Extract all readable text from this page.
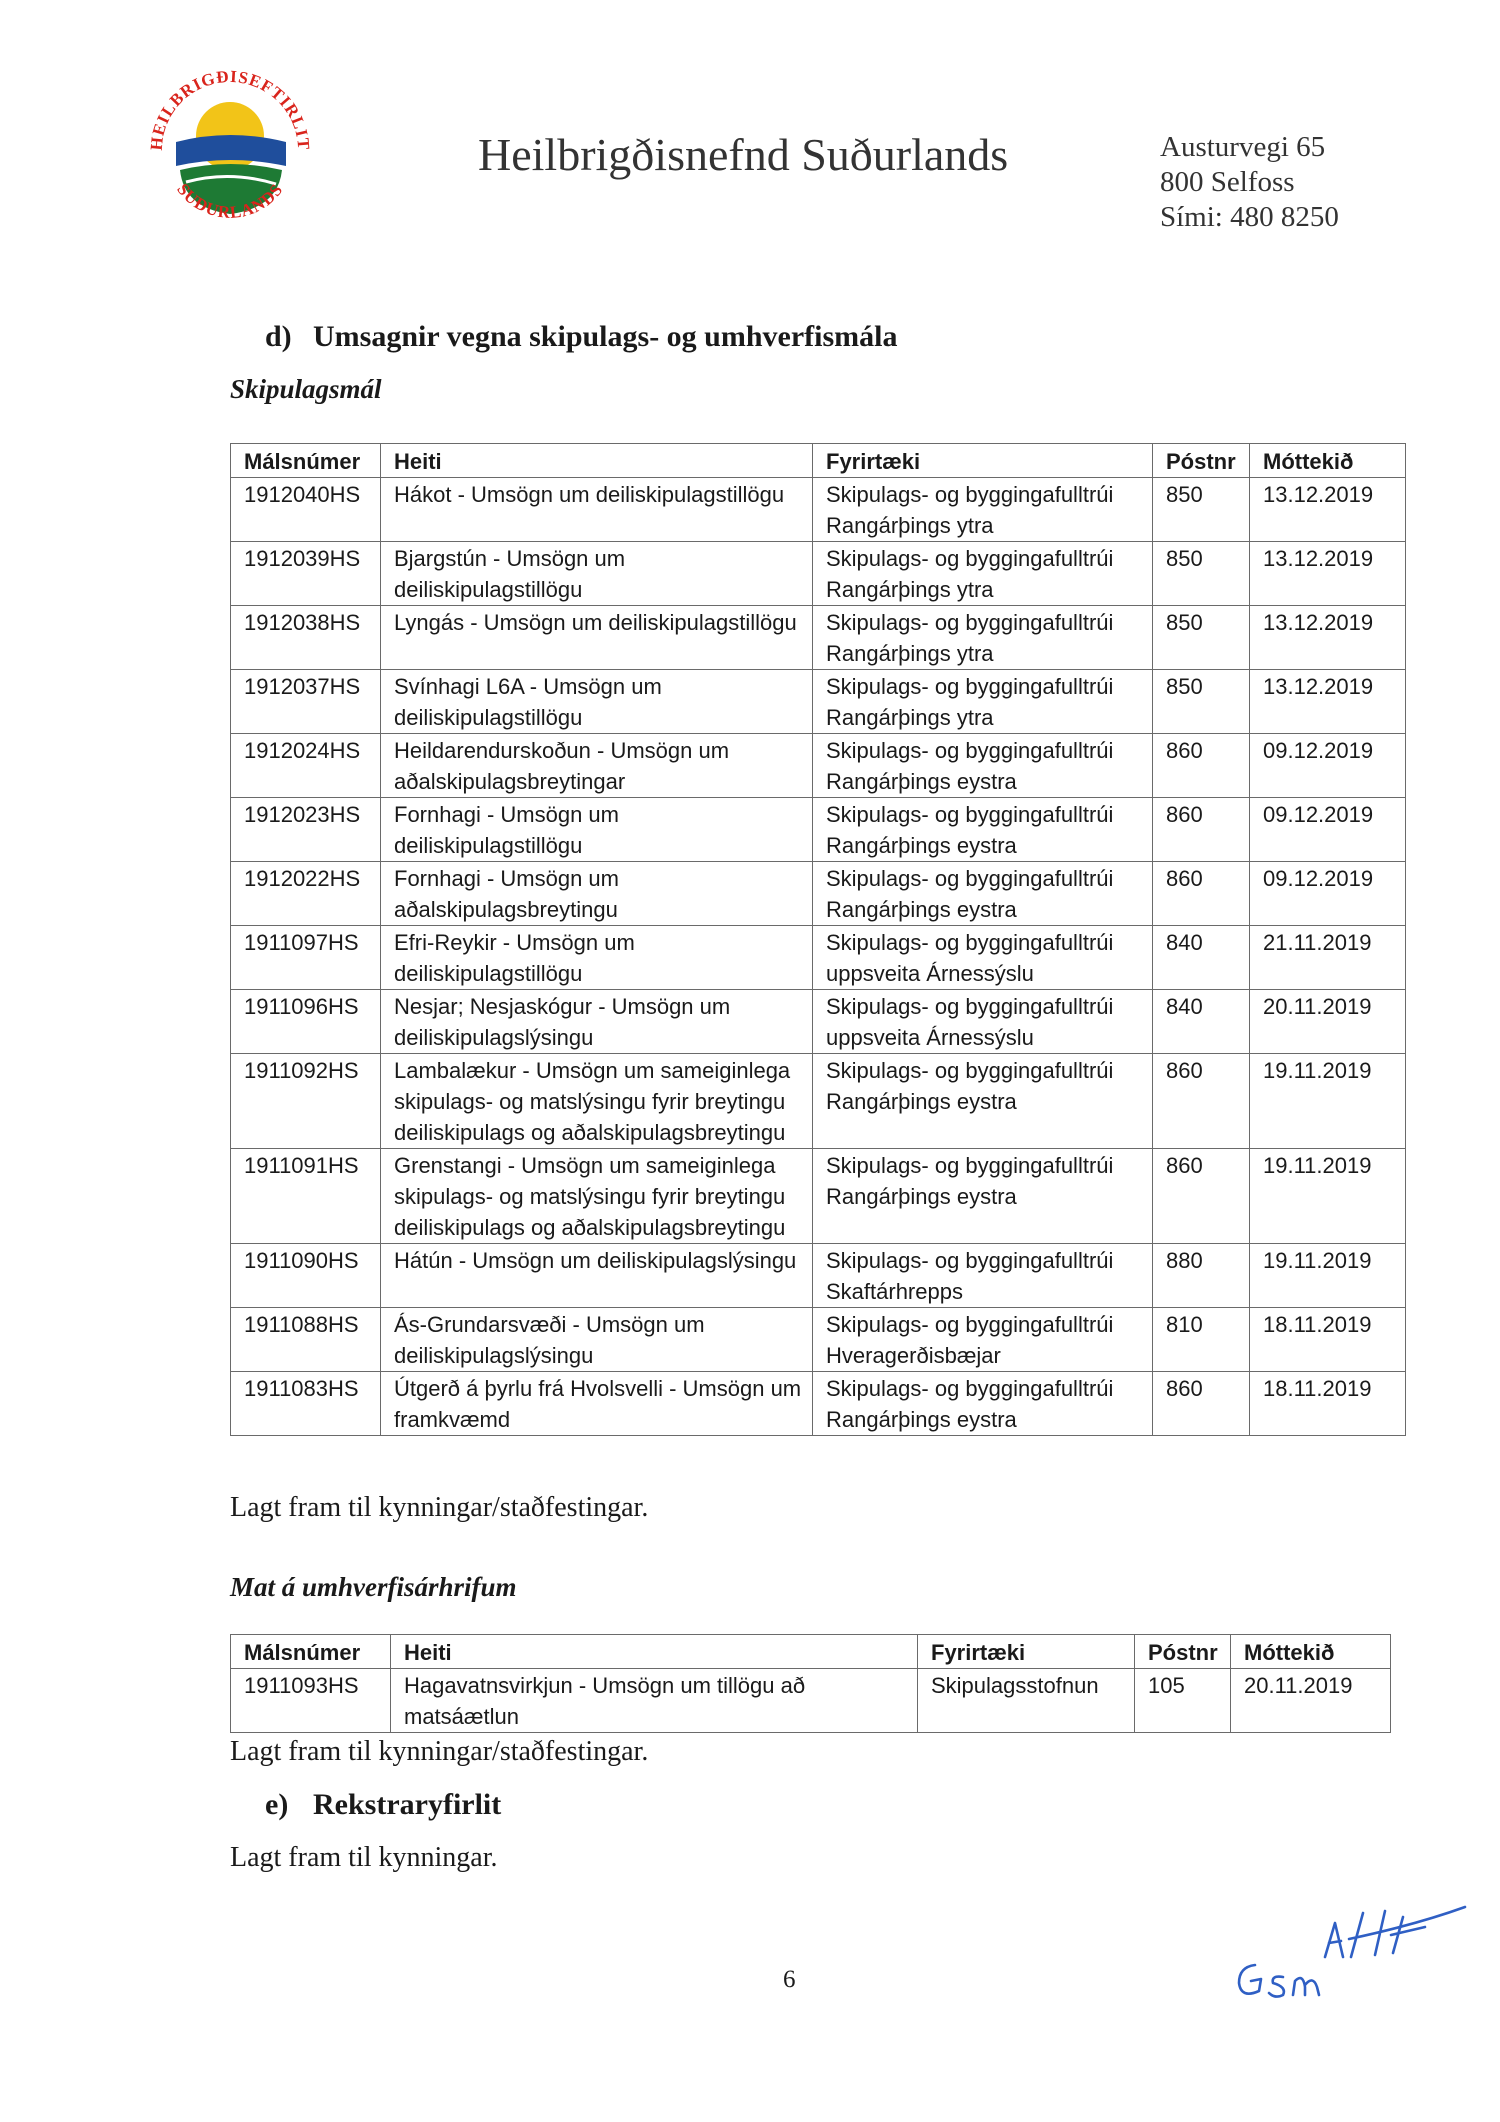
HEILBRIGÐISEFTIRLIT
SUÐURLANDS
Heilbrigðisnefnd Suðurlands	Austurvegi 65
800 Selfoss
Sími: 480 8250
d) Umsagnir vegna skipulags- og umhverfismála
Skipulagsmál
Málsnúmer	Heiti	Fyrirtæki	Póstnr	Móttekið
1912040HS	Hákot - Umsögn um deiliskipulagstillögu	Skipulags- og byggingafulltrúi Rangárþings ytra	850	13.12.2019
1912039HS	Bjargstún - Umsögn um deiliskipulagstillögu	Skipulags- og byggingafulltrúi Rangárþings ytra	850	13.12.2019
1912038HS	Lyngás - Umsögn um deiliskipulagstillögu	Skipulags- og byggingafulltrúi Rangárþings ytra	850	13.12.2019
1912037HS	Svínhagi L6A - Umsögn um deiliskipulagstillögu	Skipulags- og byggingafulltrúi Rangárþings ytra	850	13.12.2019
1912024HS	Heildarendurskoðun - Umsögn um aðalskipulagsbreytingar	Skipulags- og byggingafulltrúi Rangárþings eystra	860	09.12.2019
1912023HS	Fornhagi - Umsögn um deiliskipulagstillögu	Skipulags- og byggingafulltrúi Rangárþings eystra	860	09.12.2019
1912022HS	Fornhagi - Umsögn um aðalskipulagsbreytingu	Skipulags- og byggingafulltrúi Rangárþings eystra	860	09.12.2019
1911097HS	Efri-Reykir - Umsögn um deiliskipulagstillögu	Skipulags- og byggingafulltrúi uppsveita Árnessýslu	840	21.11.2019
1911096HS	Nesjar; Nesjaskógur - Umsögn um deiliskipulagslýsingu	Skipulags- og byggingafulltrúi uppsveita Árnessýslu	840	20.11.2019
1911092HS	Lambalækur - Umsögn um sameiginlega skipulags- og matslýsingu fyrir breytingu deiliskipulags og aðalskipulagsbreytingu	Skipulags- og byggingafulltrúi Rangárþings eystra	860	19.11.2019
1911091HS	Grenstangi - Umsögn um sameiginlega skipulags- og matslýsingu fyrir breytingu deiliskipulags og aðalskipulagsbreytingu	Skipulags- og byggingafulltrúi Rangárþings eystra	860	19.11.2019
1911090HS	Hátún - Umsögn um deiliskipulagslýsingu	Skipulags- og byggingafulltrúi Skaftárhrepps	880	19.11.2019
1911088HS	Ás-Grundarsvæði - Umsögn um deiliskipulagslýsingu	Skipulags- og byggingafulltrúi Hveragerðisbæjar	810	18.11.2019
1911083HS	Útgerð á þyrlu frá Hvolsvelli - Umsögn um framkvæmd	Skipulags- og byggingafulltrúi Rangárþings eystra	860	18.11.2019
Lagt fram til kynningar/staðfestingar.
Mat á umhverfisárhrifum
Málsnúmer	Heiti	Fyrirtæki	Póstnr	Móttekið
1911093HS	Hagavatnsvirkjun - Umsögn um tillögu að matsáætlun	Skipulagsstofnun	105	20.11.2019
Lagt fram til kynningar/staðfestingar.
e) Rekstraryfirlit
Lagt fram til kynningar.
6
